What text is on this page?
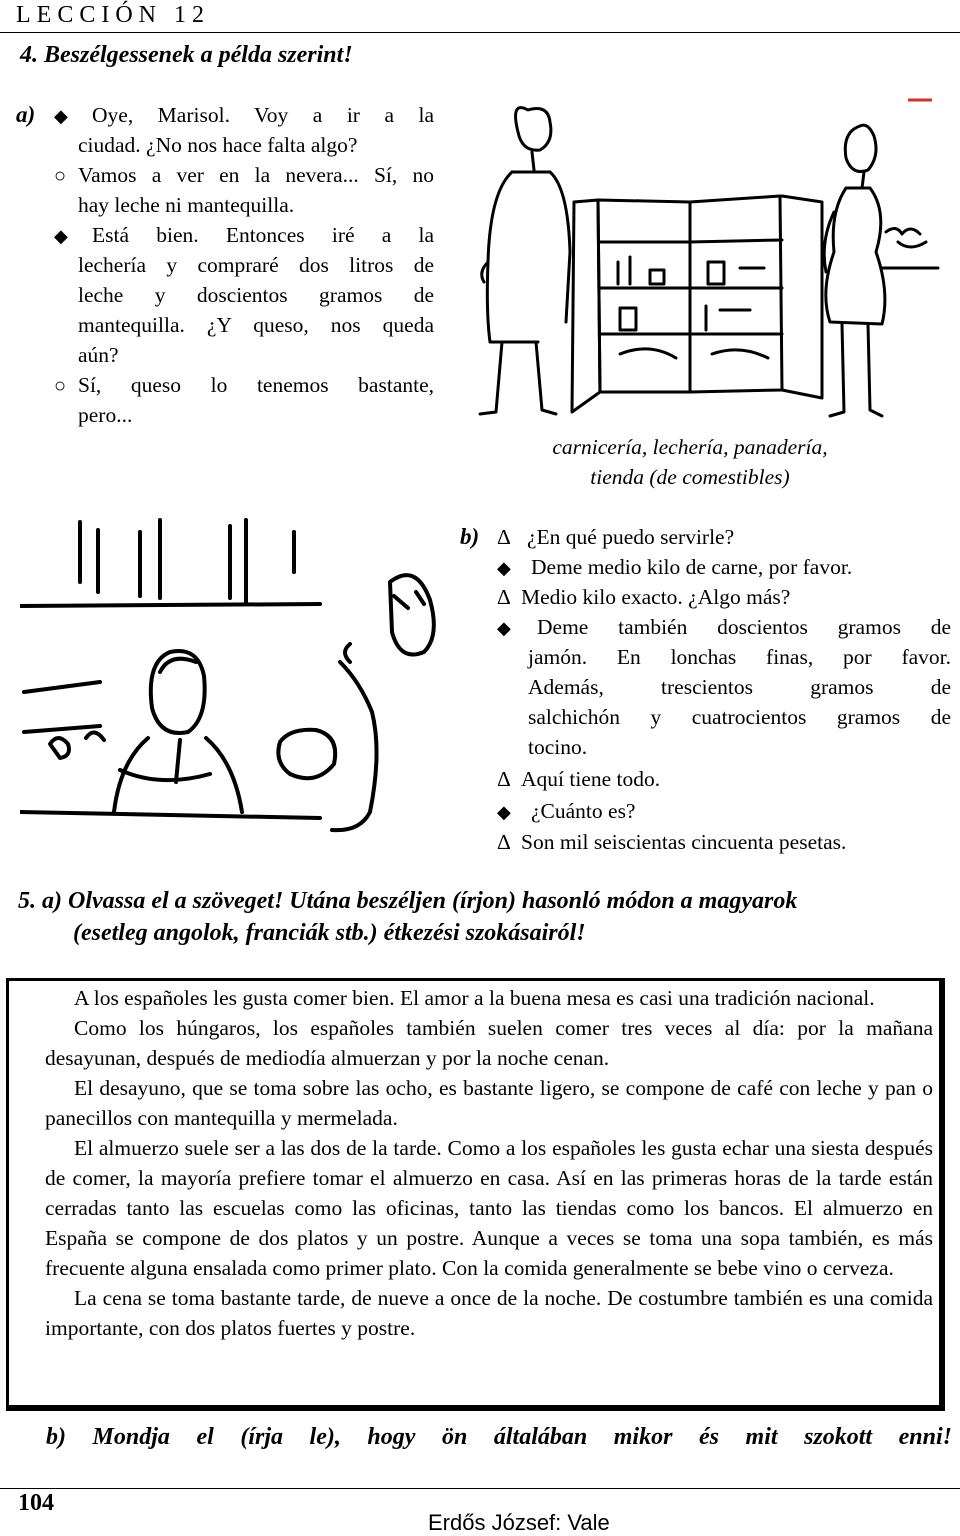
LECCIÓN 12
4. Beszélgessenek a példa szerint!
a) ◆ Oye, Marisol. Voy a ir a la
ciudad. ¿No nos hace falta algo?
○ Vamos a ver en la nevera... Sí, no
hay leche ni mantequilla.
◆ Está bien. Entonces iré a la
lechería y compraré dos litros de
leche y doscientos gramos de
mantequilla. ¿Y queso, nos queda
aún?
○ Sí, queso lo tenemos bastante,
pero...
carnicería, lechería, panadería,
tienda (de comestibles)
b) Δ ¿En qué puedo servirle?
◆ Deme medio kilo de carne, por favor.
Δ Medio kilo exacto. ¿Algo más?
◆ Deme también doscientos gramos de
jamón. En lonchas finas, por favor.
Además, trescientos gramos de
salchichón y cuatrocientos gramos de
tocino.
Δ Aquí tiene todo.
◆ ¿Cuánto es?
Δ Son mil seiscientas cincuenta pesetas.
5. a) Olvassa el a szöveget! Utána beszéljen (írjon) hasonló módon a magyarok
(esetleg angolok, franciák stb.) étkezési szokásairól!

A los españoles les gusta comer bien. El amor a la buena mesa es casi una tradición nacional.

Como los húngaros, los españoles también suelen comer tres veces al día: por la mañana desayunan, después de mediodía almuerzan y por la noche cenan.

El desayuno, que se toma sobre las ocho, es bastante ligero, se compone de café con leche y pan o panecillos con mantequilla y mermelada.

El almuerzo suele ser a las dos de la tarde. Como a los españoles les gusta echar una siesta después de comer, la mayoría prefiere tomar el almuerzo en casa. Así en las primeras horas de la tarde están cerradas tanto las escuelas como las oficinas, tanto las tiendas como los bancos. El almuerzo en España se compone de dos platos y un postre. Aunque a veces se toma una sopa también, es más frecuente alguna ensalada como primer plato. Con la comida generalmente se bebe vino o cerveza.

La cena se toma bastante tarde, de nueve a once de la noche. De costumbre también es una comida importante, con dos platos fuertes y postre.

b) Mondja el (írja le), hogy ön általában mikor és mit szokott enni!
104
Erdős József: Vale
